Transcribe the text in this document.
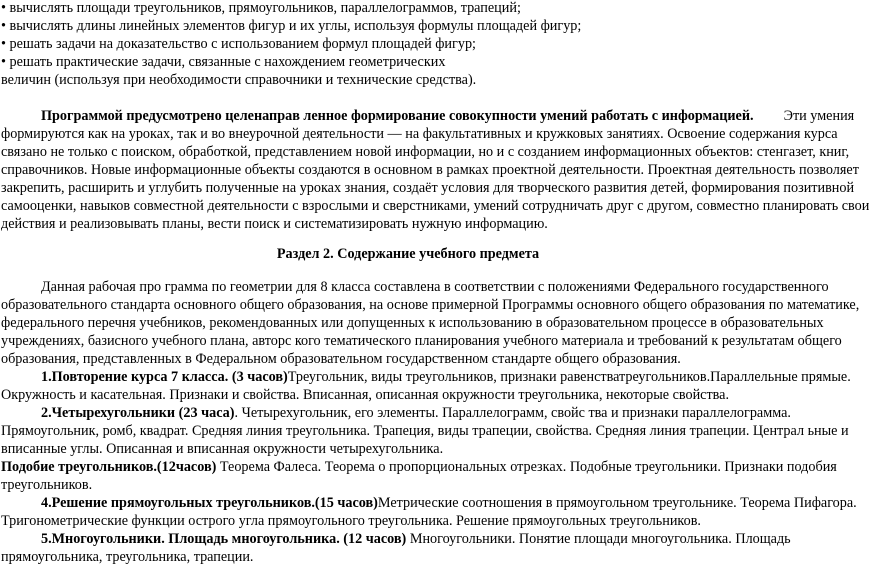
• вычислять площади треугольников, прямоугольников, параллелограммов, трапеций;
• вычислять длины линейных элементов фигур и их углы, используя формулы площадей фигур;
• решать задачи на доказательство с использованием формул площадей фигур;
• решать практические задачи, связанные с нахождением геометрических
величин (используя при необходимости справочники и технические средства).
Программой предусмотрено целенаправ ленное формирование совокупности умений работать с информацией. Эти умения
формируются как на уроках, так и во внеурочной деятельности — на факультативных и кружковых занятиях. Освоение содержания курса
связано не только с поиском, обработкой, представлением новой информации, но и с созданием информационных объектов: стенгазет, книг,
справочников. Новые информационные объекты создаются в основном в рамках проектной деятельности. Проектная деятельность позволяет
закрепить, расширить и углубить полученные на уроках знания, создаёт условия для творческого развития детей, формирования позитивной
самооценки, навыков совместной деятельности с взрослыми и сверстниками, умений сотрудничать друг с другом, совместно планировать свои
действия и реализовывать планы, вести поиск и систематизировать нужную информацию.
Раздел 2. Содержание учебного предмета
Данная рабочая про грамма по геометрии для 8 класса составлена в соответствии с положениями Федерального государственного
образовательного стандарта основного общего образования, на основе примерной Программы основного общего образования по математике,
федерального перечня учебников, рекомендованных или допущенных к использованию в образовательном процессе в образовательных
учреждениях, базисного учебного плана, авторс кого тематического планирования учебного материала и требований к результатам общего
образования, представленных в Федеральном образовательном государственном стандарте общего образования.
1.Повторение курса 7 класса. (3 часов)Треугольник, виды треугольников, признаки равенстватреугольников.Параллельные прямые.
Окружность и касательная. Признаки и свойства. Вписанная, описанная окружности треугольника, некоторые свойства.
2.Четырехугольники (23 часа). Четырехугольник, его элементы. Параллелограмм, свойс тва и признаки параллелограмма.
Прямоугольник, ромб, квадрат. Средняя линия треугольника. Трапеция, виды трапеции, свойства. Средняя линия трапеции. Централ ьные и
вписанные углы. Описанная и вписанная окружности четырехугольника.
Подобие треугольников.(12часов) Теорема Фалеса. Теорема о пропорциональных отрезках. Подобные треугольники. Признаки подобия
треугольников.
4.Решение прямоугольных треугольников.(15 часов)Метрические соотношения в прямоугольном треугольнике. Теорема Пифагора.
Тригонометрические функции острого угла прямоугольного треугольника. Решение прямоугольных треугольников.
5.Многоугольники. Площадь многоугольника. (12 часов) Многоугольники. Понятие площади многоугольника. Площадь
прямоугольника, треугольника, трапеции.
